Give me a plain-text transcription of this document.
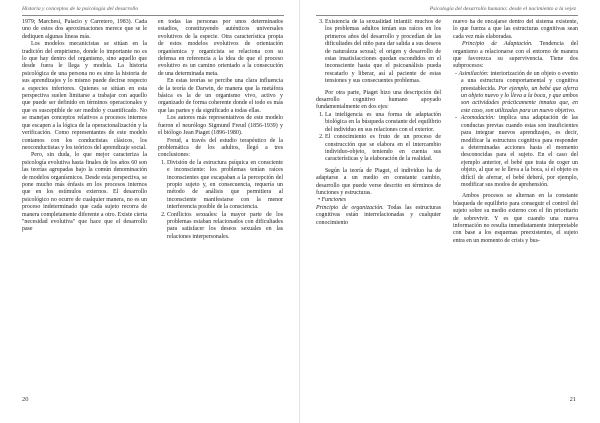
Historia y conceptos de la psicología del desarrollo

1979; Marchesi, Palacio y Carretero, 1983). Cada uno de estos dos aproximaciones merece que se le dediquen algunas líneas más.

Los modelos mecanicistas se sitúan en la tradición del empirismo, donde lo importante no es lo que hay dentro del organismo, sino aquello que desde fuera le llega y modela. La historia psicológica de una persona no es sino la historia de sus aprendizajes y lo mismo puede decirse respecto a especies inferiores. Quienes se sitúan en esta perspectiva suelen limitarse a trabajar con aquello que puede ser definido en términos operacionales y que es susceptible de ser medido y cuantificado. No se manejan conceptos relativos a procesos internos que escapen a la lógica de la operacionalización y la verificación. Como representantes de este modelo contamos con los conductistas clásicos, los neoconductistas y los teóricos del aprendizaje social.

Pero, sin duda, lo que mejor caracteriza la psicología evolutiva hasta finales de los años 60 son las teorías agrupadas bajo la común denominación de modelos organísmicos. Desde esta perspectiva, se pone mucho más énfasis en los procesos internos que en los estímulos externos. El desarrollo psicológico no ocurre de cualquier manera, no es un proceso indeterminado que cada sujeto recorra de manera completamente diferente a otro. Existe cierta "necesidad evolutiva" que hace que el desarrollo pase

en todas las personas por unos determinados estadios, constituyendo auténticos universales evolutivos de la especie. Otra característica propia de estos modelos evolutivos de orientación organísmica y organicista se relaciona con su defensa en referencia a la idea de que el proceso evolutivo es un camino orientado a la consecución de una determinada meta.

En estas teorías se percibe una clara influencia de la teoría de Darwin, de manera que la metáfora básica es la de un organismo vivo, activo y organizado de forma coherente donde el todo es más que las partes y da significado a todas ellas.

Los autores más representativos de este modelo fueron el neurólogo Sigmund Freud (1856-1939) y el biólogo Jean Piaget (1896-1980).

Freud, a través del estudio terapéutico de la problemática de los adultos, llegó a tres conclusiones:

1. División de la estructura psíquica en consciente e inconsciente: los problemas tenían raíces inconscientes que escapaban a la percepción del propio sujeto y, en consecuencia, requería un método de análisis que permitiera al inconsciente manifestarse con la menor interferencia posible de la consciencia.
2. Conflictos sexuales: la mayor parte de los problemas estaban relacionados con dificultades para satisfacer los deseos sexuales en las relaciones interpersonales.
20
Psicología del desarrollo humano: desde el nacimiento a la vejez
3. Existencia de la sexualidad infantil: muchos de los problemas adultos tenían sus raíces en los primeros años del desarrollo y procedían de las dificultades del niño para dar salida a sus deseos de naturaleza sexual; el origen y desarrollo de estas insatisfacciones quedan escondidos en el inconsciente hasta que el psicoanálisis pueda rescatarlo y liberar, así al paciente de estas tensiones y sus consecuentes problemas.

Por otra parte, Piaget hizo una descripción del desarrollo cognitivo humano apoyado fundamentalmente en dos ejes:

1. La inteligencia es una forma de adaptación biológica en la búsqueda constante del equilibrio del individuo en sus relaciones con el exterior.
2. El conocimiento es fruto de un proceso de construcción que se elabora en el intercambio individuo-objeto, teniendo en cuenta sus características y la elaboración de la realidad.

Según la teoría de Piaget, el individuo ha de adaptarse a un medio en constante cambio, desarrollo que puede verse descrito en términos de funciones y estructuras.

• Funciones

Principio de organización. Todas las estructuras cognitivas están interrelacionadas y cualquier conocimiento

nuevo ha de encajarse dentro del sistema existente, lo que fuerza a que las estructuras cognitivas sean cada vez más elaboradas.

Principio de Adaptación. Tendencia del organismo a relacionarse con el entorno de manera que favorezca su supervivencia. Tiene dos subprocesos:

- Asimilación: interiorización de un objeto o evento a una estructura comportamental y cognitiva preestablecida. Por ejemplo, un bebé que aferra un objeto nuevo y lo lleva a la boca, y que ambos son actividades prácticamente innatas que, en este caso, son utilizadas para un nuevo objetivo.

- Acomodación: implica una adaptación de las conductas previas cuando estas son insuficientes para integrar nuevos aprendizajes, es decir, modificar la estructura cognitiva para responder a determinadas acciones hasta el momento desconocidas para el sujeto. En el caso del ejemplo anterior, el bebé que trata de coger un objeto, al que se le lleva a la boca, sí el objeto es difícil de aferrar, el bebé deberá, por ejemplo, modificar sus modos de aprehensión.

Ambos procesos se alternan en la constante búsqueda de equilibrio para conseguir el control del sujeto sobre su medio externo con el fin prioritario de sobrevivir. Y es que cuando una nueva información no resulta inmediatamente interpretable con base a los esquemas preexistentes, el sujeto entra en un momento de crisis y bus-

21
